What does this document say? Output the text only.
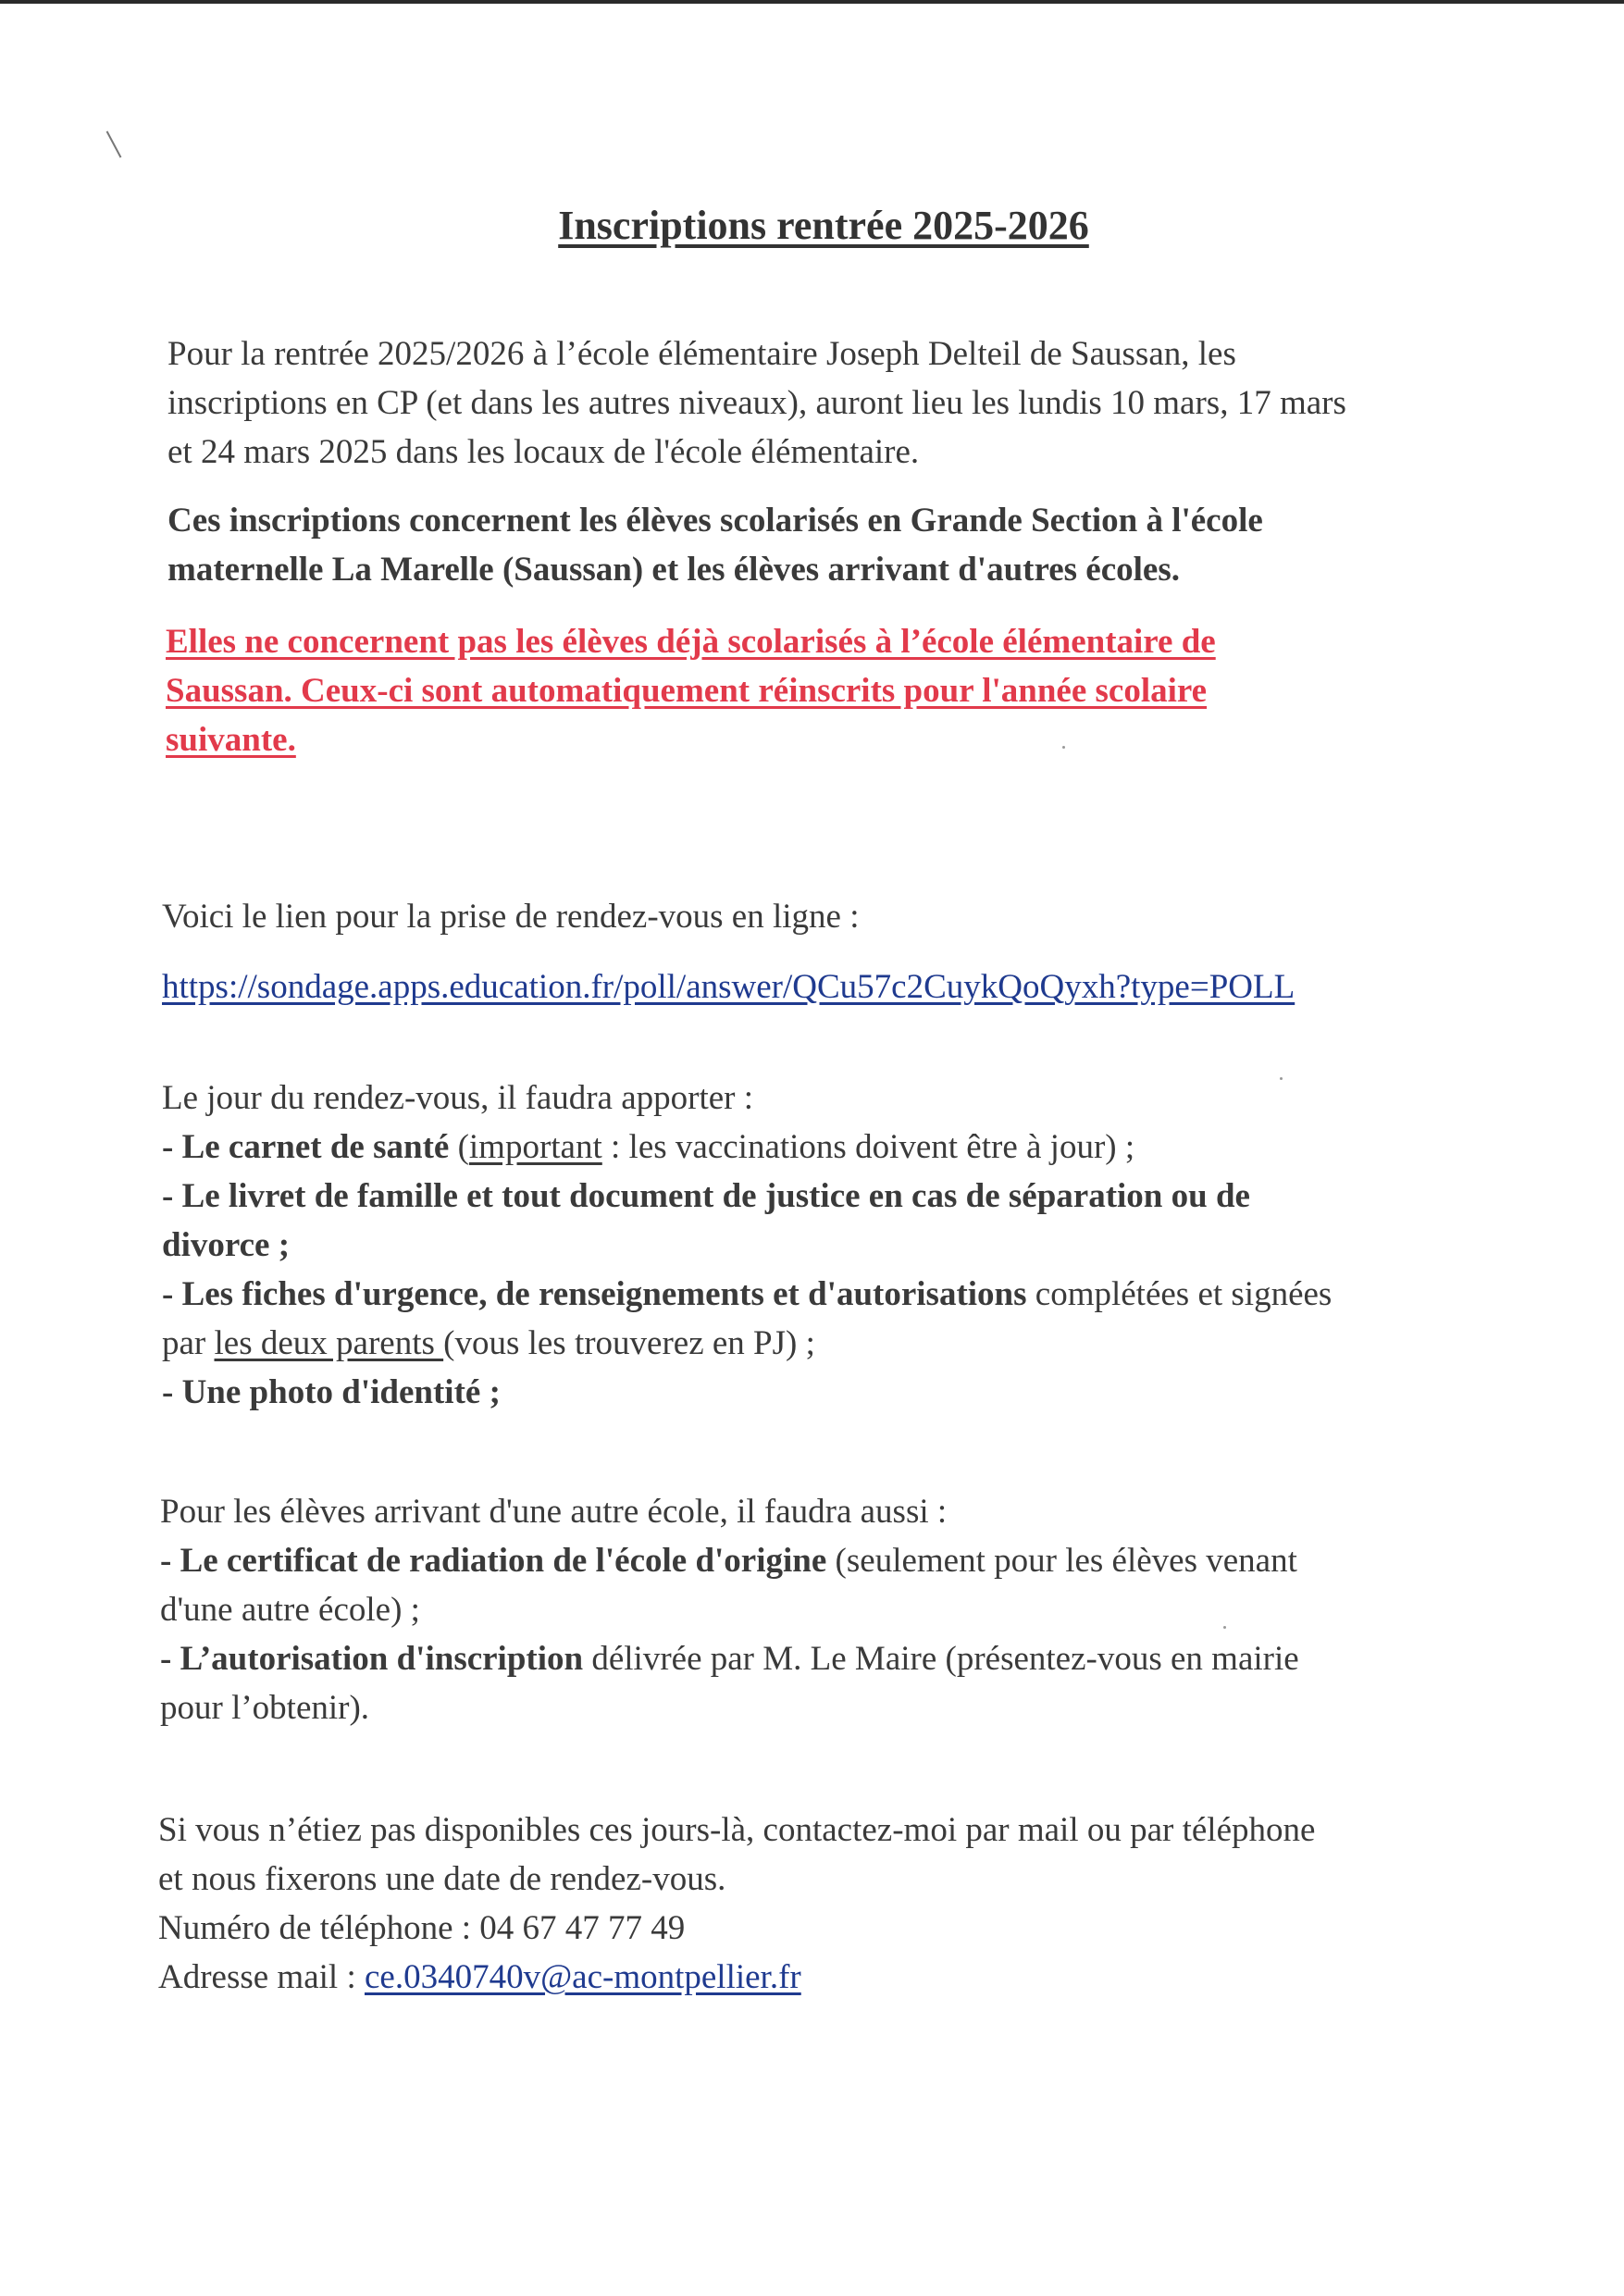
Inscriptions rentrée 2025-2026

Pour la rentrée 2025/2026 à l’école élémentaire Joseph Delteil de Saussan, les
inscriptions en CP (et dans les autres niveaux), auront lieu les lundis 10 mars, 17 mars
et 24 mars 2025 dans les locaux de l'école élémentaire.

Ces inscriptions concernent les élèves scolarisés en Grande Section à l'école
maternelle La Marelle (Saussan) et les élèves arrivant d'autres écoles.

Elles ne concernent pas les élèves déjà scolarisés à l’école élémentaire de
Saussan. Ceux-ci sont automatiquement réinscrits pour l'année scolaire
suivante.

Voici le lien pour la prise de rendez-vous en ligne :

https://sondage.apps.education.fr/poll/answer/QCu57c2CuykQoQyxh?type=POLL

Le jour du rendez-vous, il faudra apporter :
- Le carnet de santé (important : les vaccinations doivent être à jour) ;
- Le livret de famille et tout document de justice en cas de séparation ou de
divorce ;
- Les fiches d'urgence, de renseignements et d'autorisations complétées et signées
par les deux parents (vous les trouverez en PJ) ;
- Une photo d'identité ;

Pour les élèves arrivant d'une autre école, il faudra aussi :
- Le certificat de radiation de l'école d'origine (seulement pour les élèves venant
d'une autre école) ;
- L’autorisation d'inscription délivrée par M. Le Maire (présentez-vous en mairie
pour l’obtenir).

Si vous n’étiez pas disponibles ces jours-là, contactez-moi par mail ou par téléphone
et nous fixerons une date de rendez-vous.
Numéro de téléphone : 04 67 47 77 49
Adresse mail : ce.0340740v@ac-montpellier.fr
